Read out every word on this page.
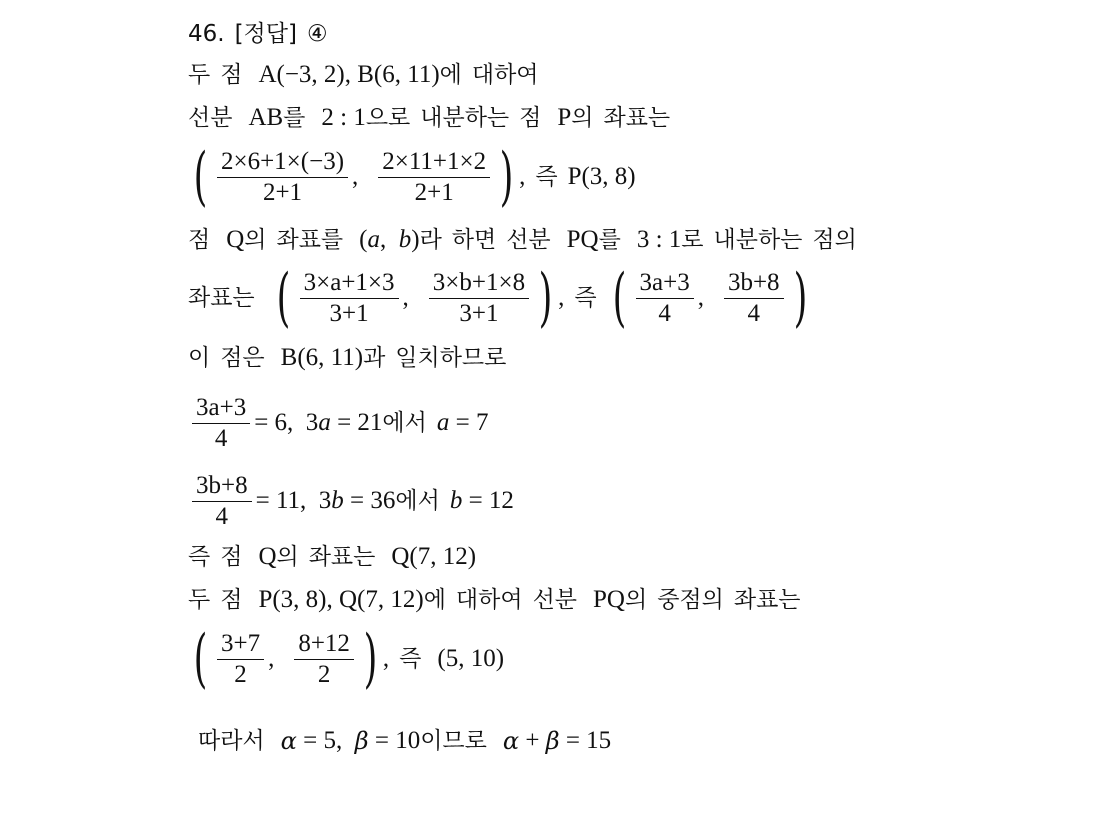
46. [정답] ④
두 점 A(−3, 2), B(6, 11) 에 대하여
선분 AB 를 2 : 1 으로 내분하는 점 P 의 좌표는
( $\frac{2\times 6+1\times(-3)}{2+1}$ , $\frac{2\times 11+1\times 2}{2+1}$ ) , 즉 P(3, 8)
점 Q 의 좌표를 ( a , b ) 라 하면 선분 PQ 를 3 : 1 로 내분하는 점의
좌표는 ( $\frac{3\times a+1\times 3}{3+1}$ , $\frac{3\times b+1\times 8}{3+1}$ ) , 즉 ( $\frac{3a+3}{4}$ , $\frac{3b+8}{4}$ )
이 점은 B(6, 11) 과 일치하므로
$\frac{3a+3}{4} = 6$,  3 a = 21 에서 a = 7
$\frac{3b+8}{4} = 11$,  3 b = 36 에서 b = 12
즉 점 Q 의 좌표는 Q(7, 12)
두 점 P(3, 8), Q(7, 12) 에 대하여 선분 PQ 의 중점의 좌표는
( $\frac{3+7}{2}$ , $\frac{8+12}{2}$ ) , 즉 (5, 10)
따라서 α = 5, β = 10 이므로 α + β = 15
